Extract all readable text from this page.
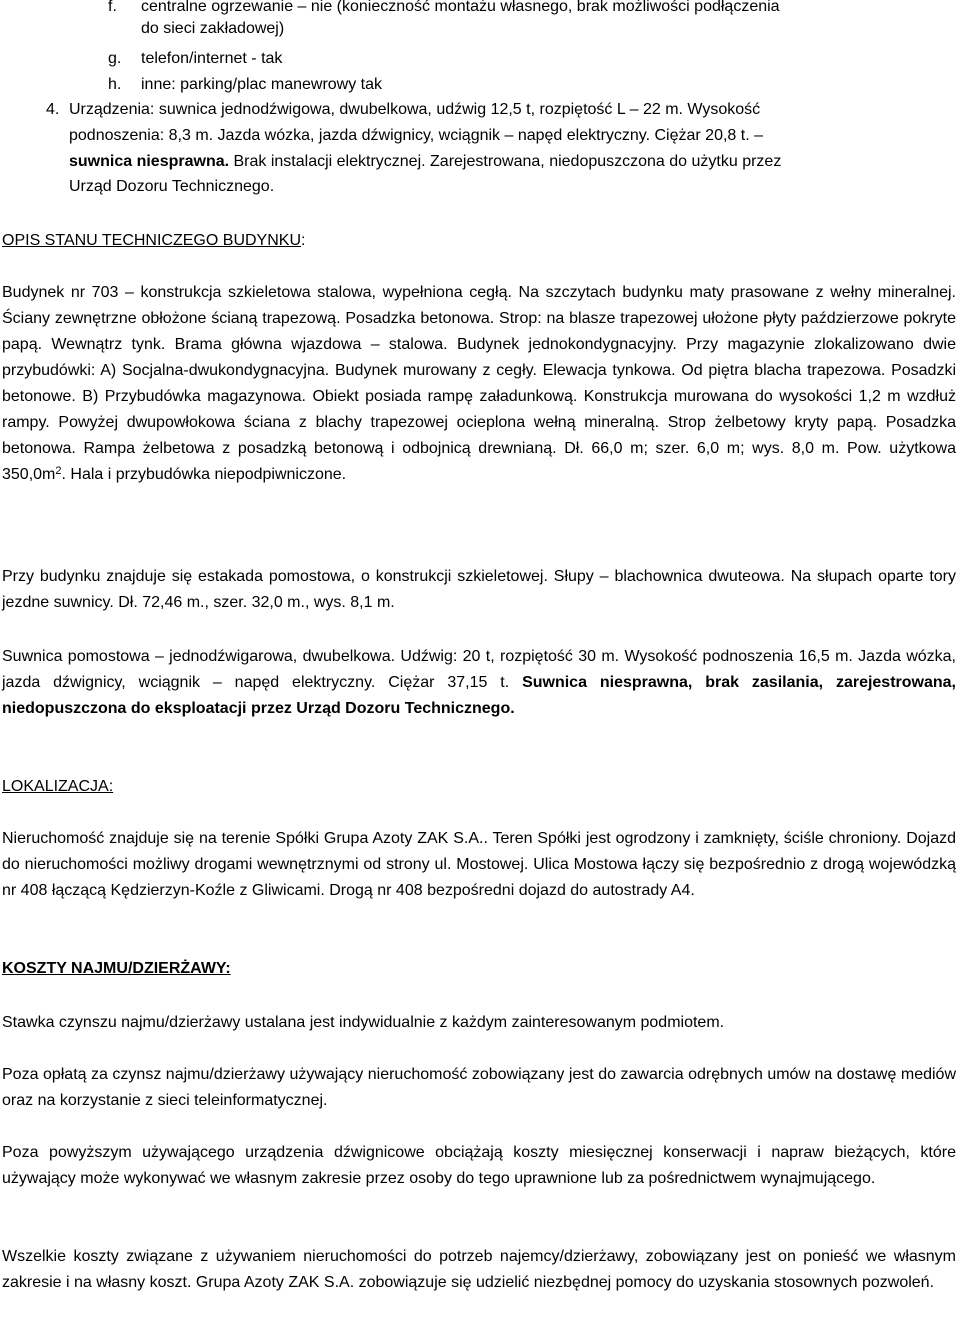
f. centralne ogrzewanie – nie (konieczność montażu własnego, brak możliwości podłączenia
do sieci zakładowej)
g. telefon/internet - tak
h. inne: parking/plac manewrowy tak
4. Urządzenia: suwnica jednodźwigowa, dwubelkowa, udźwig 12,5 t, rozpiętość L – 22 m. Wysokość
podnoszenia: 8,3 m. Jazda wózka, jazda dźwignicy, wciągnik – napęd elektryczny. Ciężar 20,8 t. –
suwnica niesprawna. Brak instalacji elektrycznej. Zarejestrowana, niedopuszczona do użytku przez
Urząd Dozoru Technicznego.
OPIS STANU TECHNICZEGO BUDYNKU:
Budynek nr 703 – konstrukcja szkieletowa stalowa, wypełniona cegłą. Na szczytach budynku maty prasowane z wełny mineralnej. Ściany zewnętrzne obłożone ścianą trapezową. Posadzka betonowa. Strop: na blasze trapezowej ułożone płyty paździerzowe pokryte papą. Wewnątrz tynk. Brama główna wjazdowa – stalowa. Budynek jednokondygnacyjny. Przy magazynie zlokalizowano dwie przybudówki: A) Socjalna-dwukondygnacyjna. Budynek murowany z cegły. Elewacja tynkowa. Od piętra blacha trapezowa. Posadzki betonowe. B) Przybudówka magazynowa. Obiekt posiada rampę załadunkową. Konstrukcja murowana do wysokości 1,2 m wzdłuż rampy. Powyżej dwupowłokowa ściana z blachy trapezowej ocieplona wełną mineralną. Strop żelbetowy kryty papą. Posadzka betonowa. Rampa żelbetowa z posadzką betonową i odbojnicą drewnianą. Dł. 66,0 m; szer. 6,0 m; wys. 8,0 m. Pow. użytkowa $350,0m^2$. Hala i przybudówka niepodpiwniczone.
Przy budynku znajduje się estakada pomostowa, o konstrukcji szkieletowej. Słupy – blachownica dwuteowa. Na słupach oparte tory jezdne suwnicy. Dł. 72,46 m., szer. 32,0 m., wys. 8,1 m.
Suwnica pomostowa – jednodźwigarowa, dwubelkowa. Udźwig: 20 t, rozpiętość 30 m. Wysokość podnoszenia 16,5 m. Jazda wózka, jazda dźwignicy, wciągnik – napęd elektryczny. Ciężar 37,15 t. Suwnica niesprawna, brak zasilania, zarejestrowana, niedopuszczona do eksploatacji przez Urząd Dozoru Technicznego.
LOKALIZACJA:
Nieruchomość znajduje się na terenie Spółki Grupa Azoty ZAK S.A.. Teren Spółki jest ogrodzony i zamknięty, ściśle chroniony. Dojazd do nieruchomości możliwy drogami wewnętrznymi od strony ul. Mostowej. Ulica Mostowa łączy się bezpośrednio z drogą wojewódzką nr 408 łączącą Kędzierzyn-Koźle z Gliwicami. Drogą nr 408 bezpośredni dojazd do autostrady A4.
KOSZTY NAJMU/DZIERŻAWY:
Stawka czynszu najmu/dzierżawy ustalana jest indywidualnie z każdym zainteresowanym podmiotem.
Poza opłatą za czynsz najmu/dzierżawy używający nieruchomość zobowiązany jest do zawarcia odrębnych umów na dostawę mediów oraz na korzystanie z sieci teleinformatycznej.
Poza powyższym używającego urządzenia dźwignicowe obciążają koszty miesięcznej konserwacji i napraw bieżących, które używający może wykonywać we własnym zakresie przez osoby do tego uprawnione lub za pośrednictwem wynajmującego.
Wszelkie koszty związane z używaniem nieruchomości do potrzeb najemcy/dzierżawy, zobowiązany jest on ponieść we własnym zakresie i na własny koszt. Grupa Azoty ZAK S.A. zobowiązuje się udzielić niezbędnej pomocy do uzyskania stosownych pozwoleń.
